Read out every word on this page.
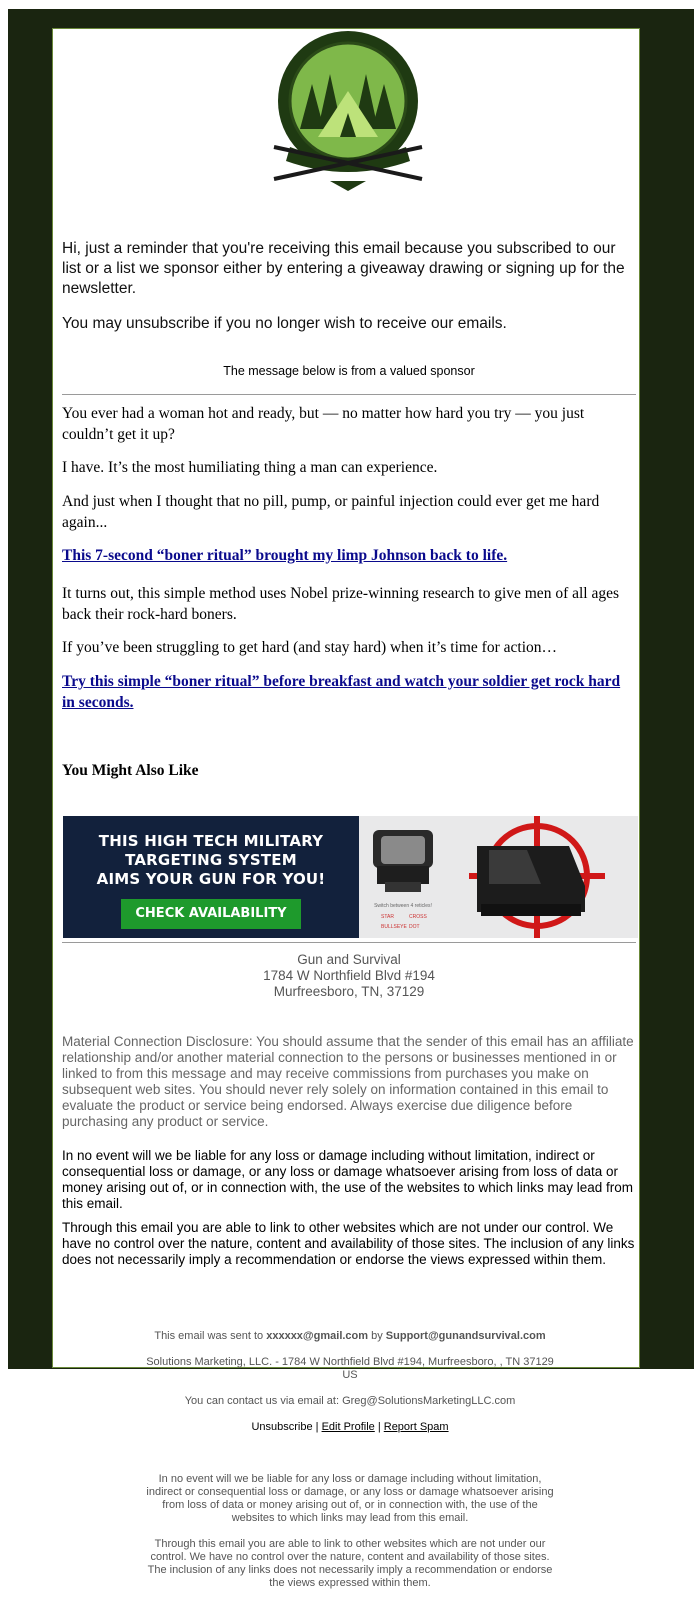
Hi, just a reminder that you're receiving this email because you subscribed to our list or a list we sponsor either by entering a giveaway drawing or signing up for the newsletter.
You may unsubscribe if you no longer wish to receive our emails.
The message below is from a valued sponsor
You ever had a woman hot and ready, but — no matter how hard you try — you just couldn’t get it up?
I have. It’s the most humiliating thing a man can experience.
And just when I thought that no pill, pump, or painful injection could ever get me hard again...
This 7-second “boner ritual” brought my limp Johnson back to life.
It turns out, this simple method uses Nobel prize-winning research to give men of all ages back their rock-hard boners.
If you’ve been struggling to get hard (and stay hard) when it’s time for action…
Try this simple “boner ritual” before breakfast and watch your soldier get rock hard in seconds.
You Might Also Like
THIS HIGH TECH MILITARY
TARGETING SYSTEM
AIMS YOUR GUN FOR YOU!
CHECK AVAILABILITY	Switch between 4 reticles!
STAR	CROSS
BULLSEYE DOT
Gun and Survival
1784 W Northfield Blvd #194
Murfreesboro, TN, 37129
Material Connection Disclosure: You should assume that the sender of this email has an affiliate relationship and/or another material connection to the persons or businesses mentioned in or linked to from this message and may receive commissions from purchases you make on subsequent web sites. You should never rely solely on information contained in this email to evaluate the product or service being endorsed. Always exercise due diligence before purchasing any product or service.
In no event will we be liable for any loss or damage including without limitation, indirect or consequential loss or damage, or any loss or damage whatsoever arising from loss of data or money arising out of, or in connection with, the use of the websites to which links may lead from this email.
Through this email you are able to link to other websites which are not under our control. We have no control over the nature, content and availability of those sites. The inclusion of any links does not necessarily imply a recommendation or endorse the views expressed within them.
This email was sent to xxxxxx@gmail.com by Support@gunandsurvival.com
Solutions Marketing, LLC. - 1784 W Northfield Blvd #194, Murfreesboro, , TN 37129
US
You can contact us via email at: Greg@SolutionsMarketingLLC.com
Unsubscribe | Edit Profile | Report Spam
In no event will we be liable for any loss or damage including without limitation, indirect or consequential loss or damage, or any loss or damage whatsoever arising from loss of data or money arising out of, or in connection with, the use of the websites to which links may lead from this email.
Through this email you are able to link to other websites which are not under our control. We have no control over the nature, content and availability of those sites. The inclusion of any links does not necessarily imply a recommendation or endorse the views expressed within them.
